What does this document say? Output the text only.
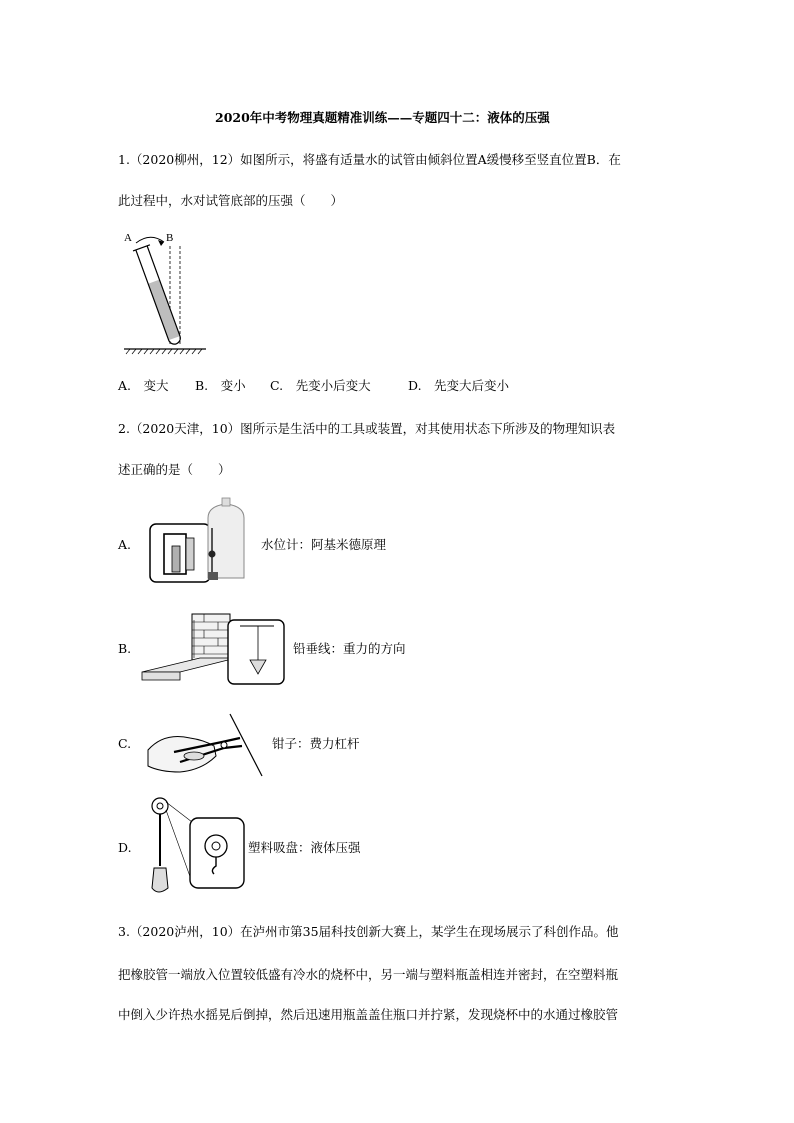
2020年中考物理真题精准训练——专题四十二：液体的压强
1.（2020柳州，12）如图所示，将盛有适量水的试管由倾斜位置A缓慢移至竖直位置B．在
此过程中，水对试管底部的压强（　　）
A	B
A.　变大 B.　变小 C.　先变小后变大	D.　先变大后变小
2.（2020天津，10）图所示是生活中的工具或装置，对其使用状态下所涉及的物理知识表
述正确的是（　　）
A.	水位计：阿基米德原理
B.	铅垂线：重力的方向
C.	钳子：费力杠杆
D.	塑料吸盘：液体压强
3.（2020泸州，10）在泸州市第35届科技创新大赛上，某学生在现场展示了科创作品。他
把橡胶管一端放入位置较低盛有冷水的烧杯中，另一端与塑料瓶盖相连并密封，在空塑料瓶
中倒入少许热水摇晃后倒掉，然后迅速用瓶盖盖住瓶口并拧紧，发现烧杯中的水通过橡胶管
